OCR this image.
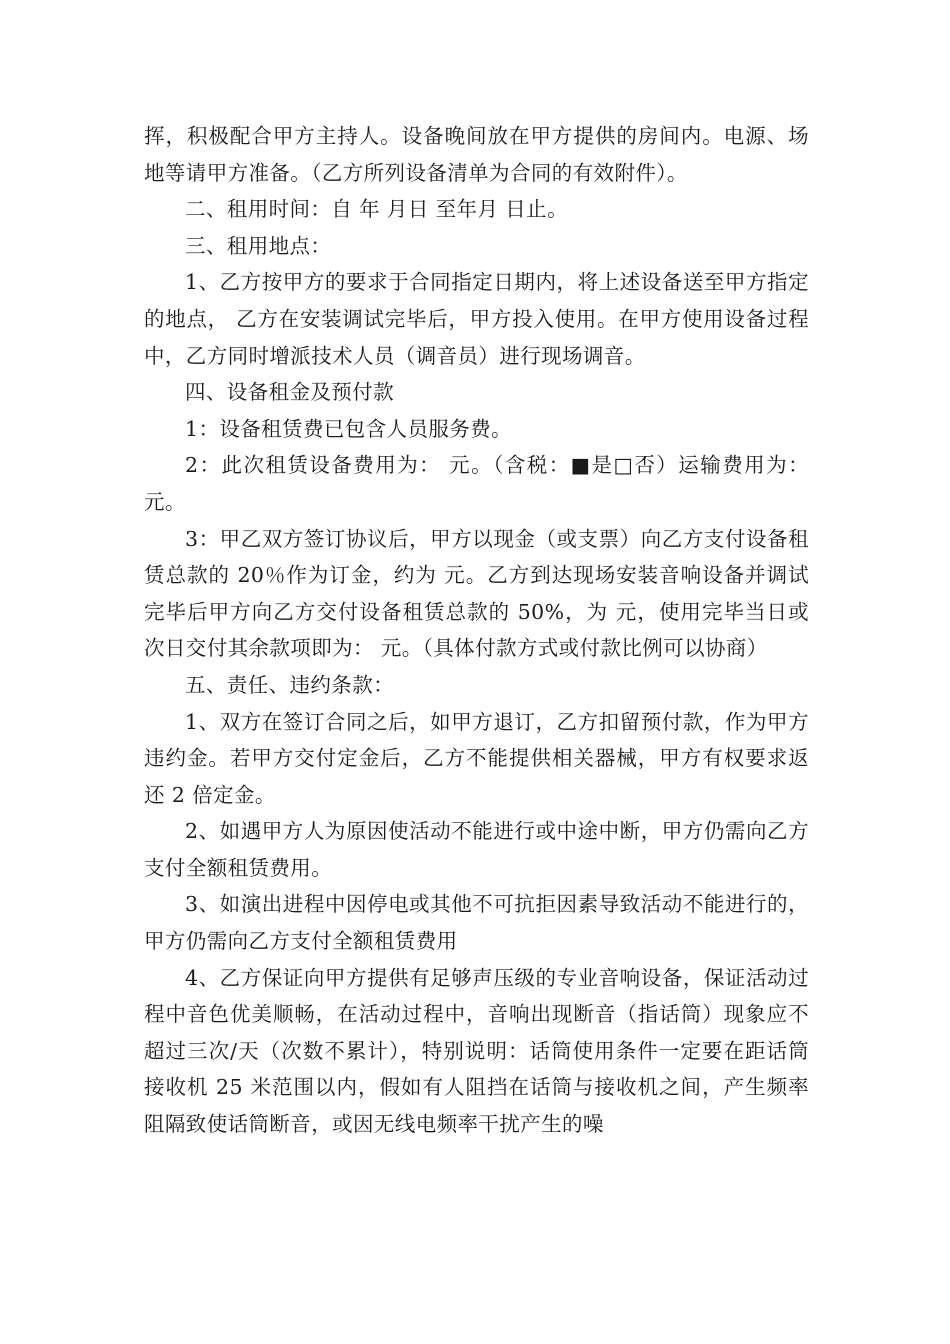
挥，积极配合甲方主持人。设备晚间放在甲方提供的房间内。电源、场地等请甲方准备。（乙方所列设备清单为合同的有效附件）。

二、租用时间：自 年 月日 至年月 日止。

三、租用地点：

1、乙方按甲方的要求于合同指定日期内，将上述设备送至甲方指定的地点， 乙方在安装调试完毕后，甲方投入使用。在甲方使用设备过程中，乙方同时增派技术人员（调音员）进行现场调音。

四、设备租金及预付款

1：设备租赁费已包含人员服务费。

2：此次租赁设备费用为： 元。（含税：■是□否）运输费用为：元。

3：甲乙双方签订协议后，甲方以现金（或支票）向乙方支付设备租赁总款的 20％作为订金，约为 元。乙方到达现场安装音响设备并调试完毕后甲方向乙方交付设备租赁总款的 50%，为 元，使用完毕当日或次日交付其余款项即为： 元。（具体付款方式或付款比例可以协商）

五、责任、违约条款：

1、双方在签订合同之后，如甲方退订，乙方扣留预付款，作为甲方违约金。若甲方交付定金后，乙方不能提供相关器械，甲方有权要求返还 2 倍定金。

2、如遇甲方人为原因使活动不能进行或中途中断，甲方仍需向乙方支付全额租赁费用。

3、如演出进程中因停电或其他不可抗拒因素导致活动不能进行的， 甲方仍需向乙方支付全额租赁费用

4、乙方保证向甲方提供有足够声压级的专业音响设备，保证活动过程中音色优美顺畅，在活动过程中，音响出现断音（指话筒）现象应不超过三次/天（次数不累计），特别说明：话筒使用条件一定要在距话筒接收机 25 米范围以内，假如有人阻挡在话筒与接收机之间，产生频率阻隔致使话筒断音，或因无线电频率干扰产生的噪
